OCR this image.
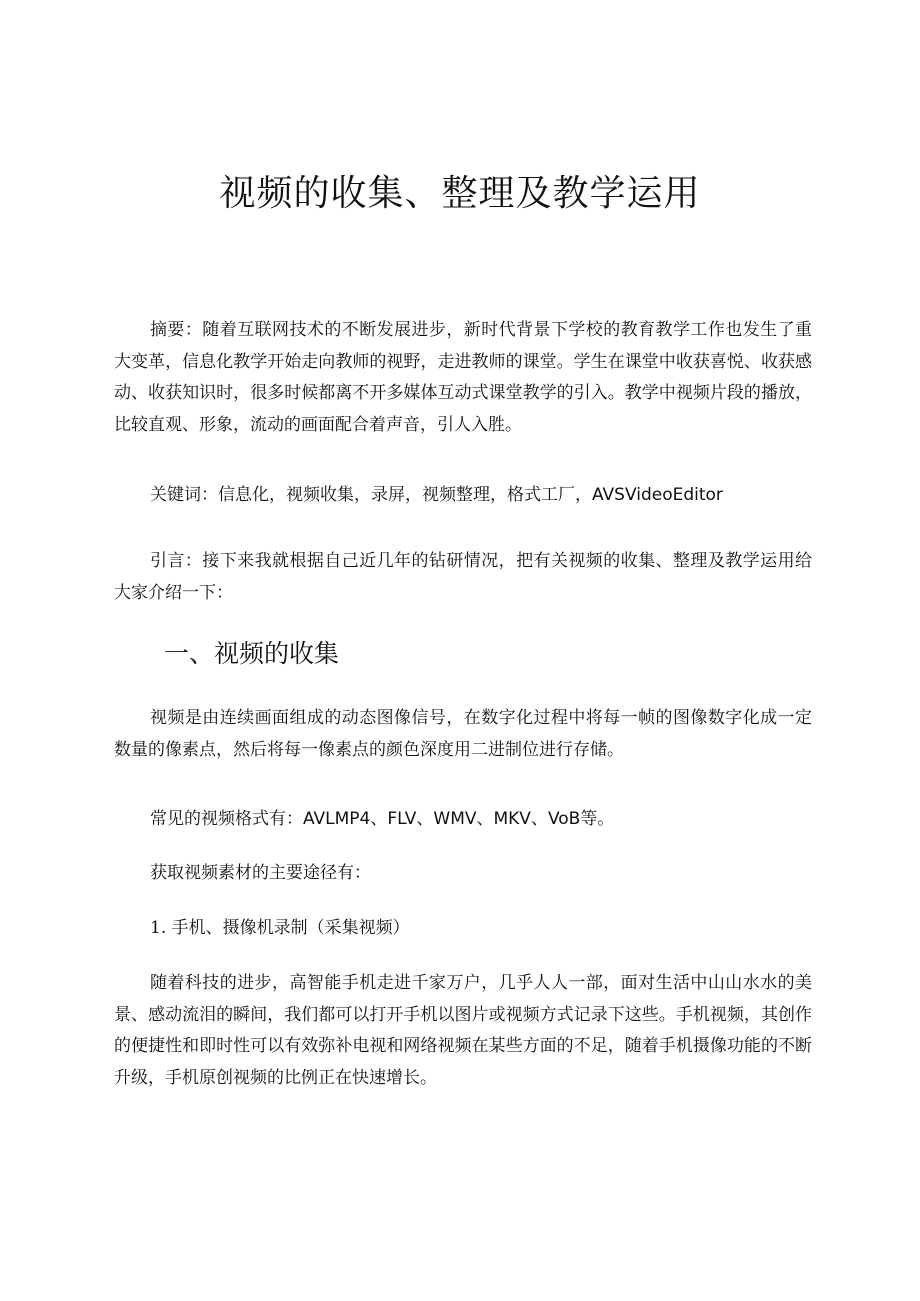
视频的收集、整理及教学运用

摘要：随着互联网技术的不断发展进步，新时代背景下学校的教育教学工作也发生了重大变革，信息化教学开始走向教师的视野，走进教师的课堂。学生在课堂中收获喜悦、收获感动、收获知识时，很多时候都离不开多媒体互动式课堂教学的引入。教学中视频片段的播放，比较直观、形象，流动的画面配合着声音，引人入胜。

关键词：信息化，视频收集，录屏，视频整理，格式工厂，AVSVideoEditor

引言：接下来我就根据自己近几年的钻研情况，把有关视频的收集、整理及教学运用给大家介绍一下：

一、视频的收集

视频是由连续画面组成的动态图像信号，在数字化过程中将每一帧的图像数字化成一定数量的像素点，然后将每一像素点的颜色深度用二进制位进行存储。

常见的视频格式有：AVLMP4、FLV、WMV、MKV、VoB等。

获取视频素材的主要途径有：

1. 手机、摄像机录制（采集视频）

随着科技的进步，高智能手机走进千家万户，几乎人人一部，面对生活中山山水水的美景、感动流泪的瞬间，我们都可以打开手机以图片或视频方式记录下这些。手机视频，其创作的便捷性和即时性可以有效弥补电视和网络视频在某些方面的不足，随着手机摄像功能的不断升级，手机原创视频的比例正在快速增长。
